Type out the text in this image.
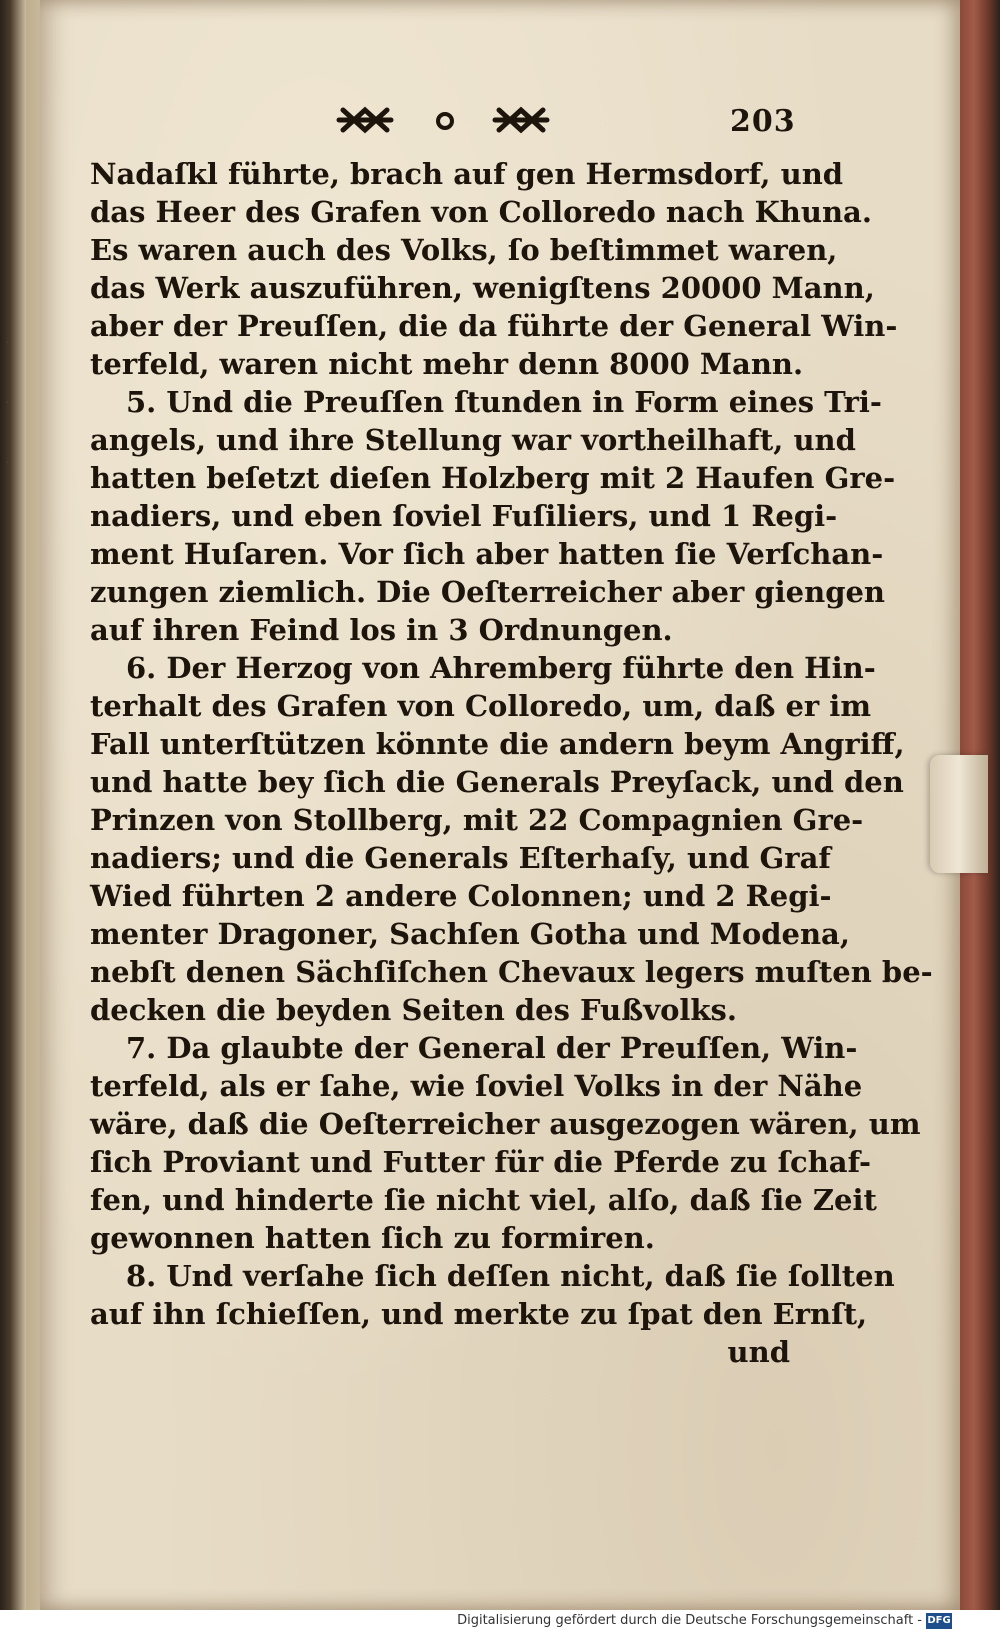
·
·
·
203
Nadaſkl führte, brach auf gen Hermsdorf, und
das Heer des Grafen von Colloredo nach Khuna.
Es waren auch des Volks, ſo beſtimmet waren,
das Werk auszuführen, wenigſtens 20000 Mann,
aber der Preuſſen, die da führte der General Win-
terfeld, waren nicht mehr denn 8000 Mann.
5. Und die Preuſſen ſtunden in Form eines Tri-
angels, und ihre Stellung war vortheilhaft, und
hatten beſetzt dieſen Holzberg mit 2 Haufen Gre-
nadiers, und eben ſoviel Fuſiliers, und 1 Regi-
ment Huſaren. Vor ſich aber hatten ſie Verſchan-
zungen ziemlich. Die Oeſterreicher aber giengen
auf ihren Feind los in 3 Ordnungen.
6. Der Herzog von Ahremberg führte den Hin-
terhalt des Grafen von Colloredo, um, daß er im
Fall unterſtützen könnte die andern beym Angriff,
und hatte bey ſich die Generals Preyſack, und den
Prinzen von Stollberg, mit 22 Compagnien Gre-
nadiers; und die Generals Eſterhaſy, und Graf
Wied führten 2 andere Colonnen; und 2 Regi-
menter Dragoner, Sachſen Gotha und Modena,
nebſt denen Sächſiſchen Chevaux legers muſten be-
decken die beyden Seiten des Fußvolks.
7. Da glaubte der General der Preuſſen, Win-
terfeld, als er ſahe, wie ſoviel Volks in der Nähe
wäre, daß die Oeſterreicher ausgezogen wären, um
ſich Proviant und Futter für die Pferde zu ſchaf-
fen, und hinderte ſie nicht viel, alſo, daß ſie Zeit
gewonnen hatten ſich zu formiren.
8. Und verſahe ſich deſſen nicht, daß ſie ſollten
auf ihn ſchieſſen, und merkte zu ſpat den Ernſt,
und
Digitalisierung gefördert durch die Deutsche Forschungsgemeinschaft - DFG
